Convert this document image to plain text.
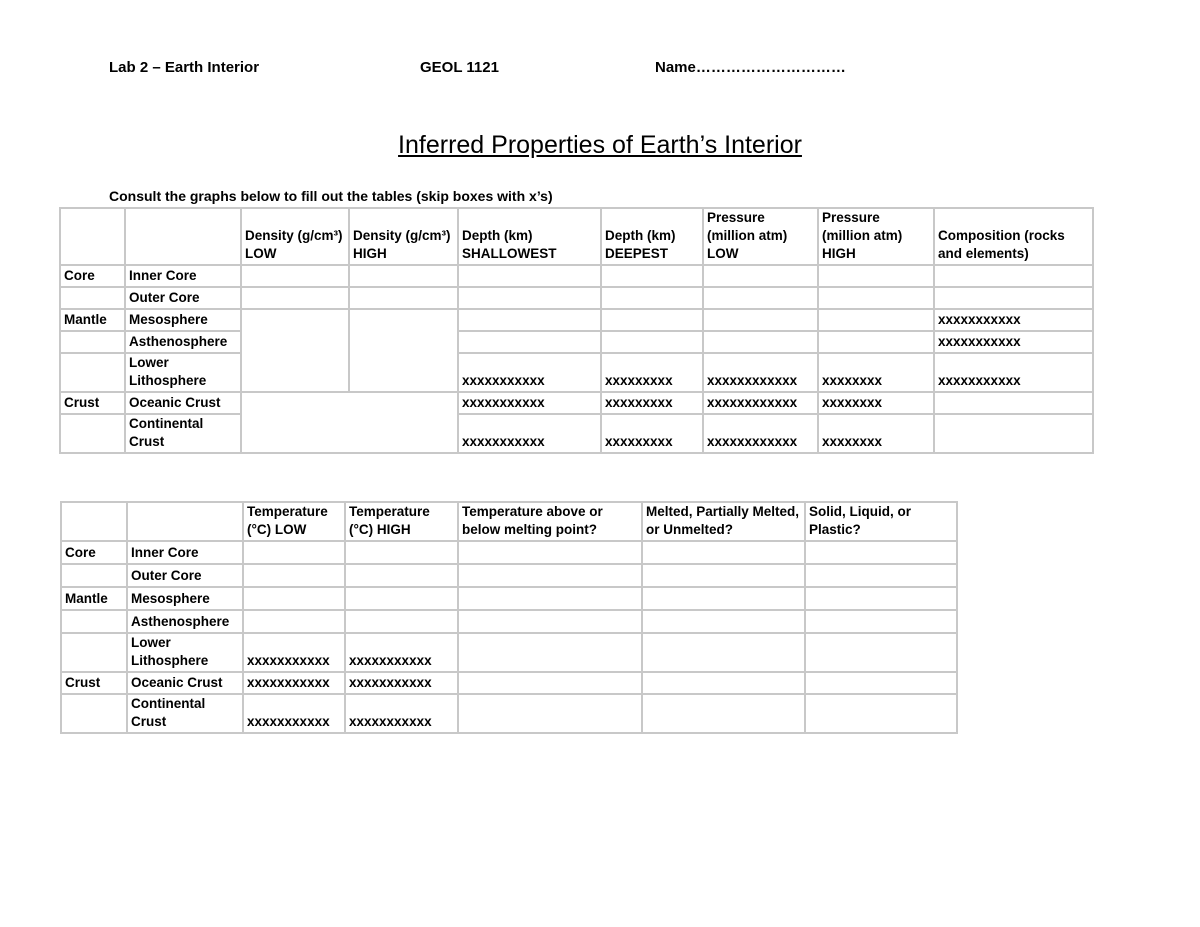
Lab 2 – Earth Interior	GEOL 1121	Name…………………………
Inferred Properties of Earth’s Interior
Consult the graphs below to fill out the tables (skip boxes with x’s)
		Density (g/cm³) LOW	Density (g/cm³) HIGH	Depth (km) SHALLOWEST	Depth (km) DEEPEST	Pressure (million atm) LOW	Pressure (million atm) HIGH	Composition (rocks and elements)
Core	Inner Core							
	Outer Core							
Mantle	Mesosphere							xxxxxxxxxxx
	Asthenosphere							xxxxxxxxxxx
	Lower Lithosphere			xxxxxxxxxxx	xxxxxxxxx	xxxxxxxxxxxx	xxxxxxxx	xxxxxxxxxxx
Crust	Oceanic Crust			xxxxxxxxxxx	xxxxxxxxx	xxxxxxxxxxxx	xxxxxxxx	
	Continental Crust			xxxxxxxxxxx	xxxxxxxxx	xxxxxxxxxxxx	xxxxxxxx	
		Temperature (°C) LOW	Temperature (°C) HIGH	Temperature above or below melting point?	Melted, Partially Melted, or Unmelted?	Solid, Liquid, or Plastic?
Core	Inner Core					
	Outer Core					
Mantle	Mesosphere					
	Asthenosphere					
	Lower Lithosphere	xxxxxxxxxxx	xxxxxxxxxxx			
Crust	Oceanic Crust	xxxxxxxxxxx	xxxxxxxxxxx			
	Continental Crust	xxxxxxxxxxx	xxxxxxxxxxx			
